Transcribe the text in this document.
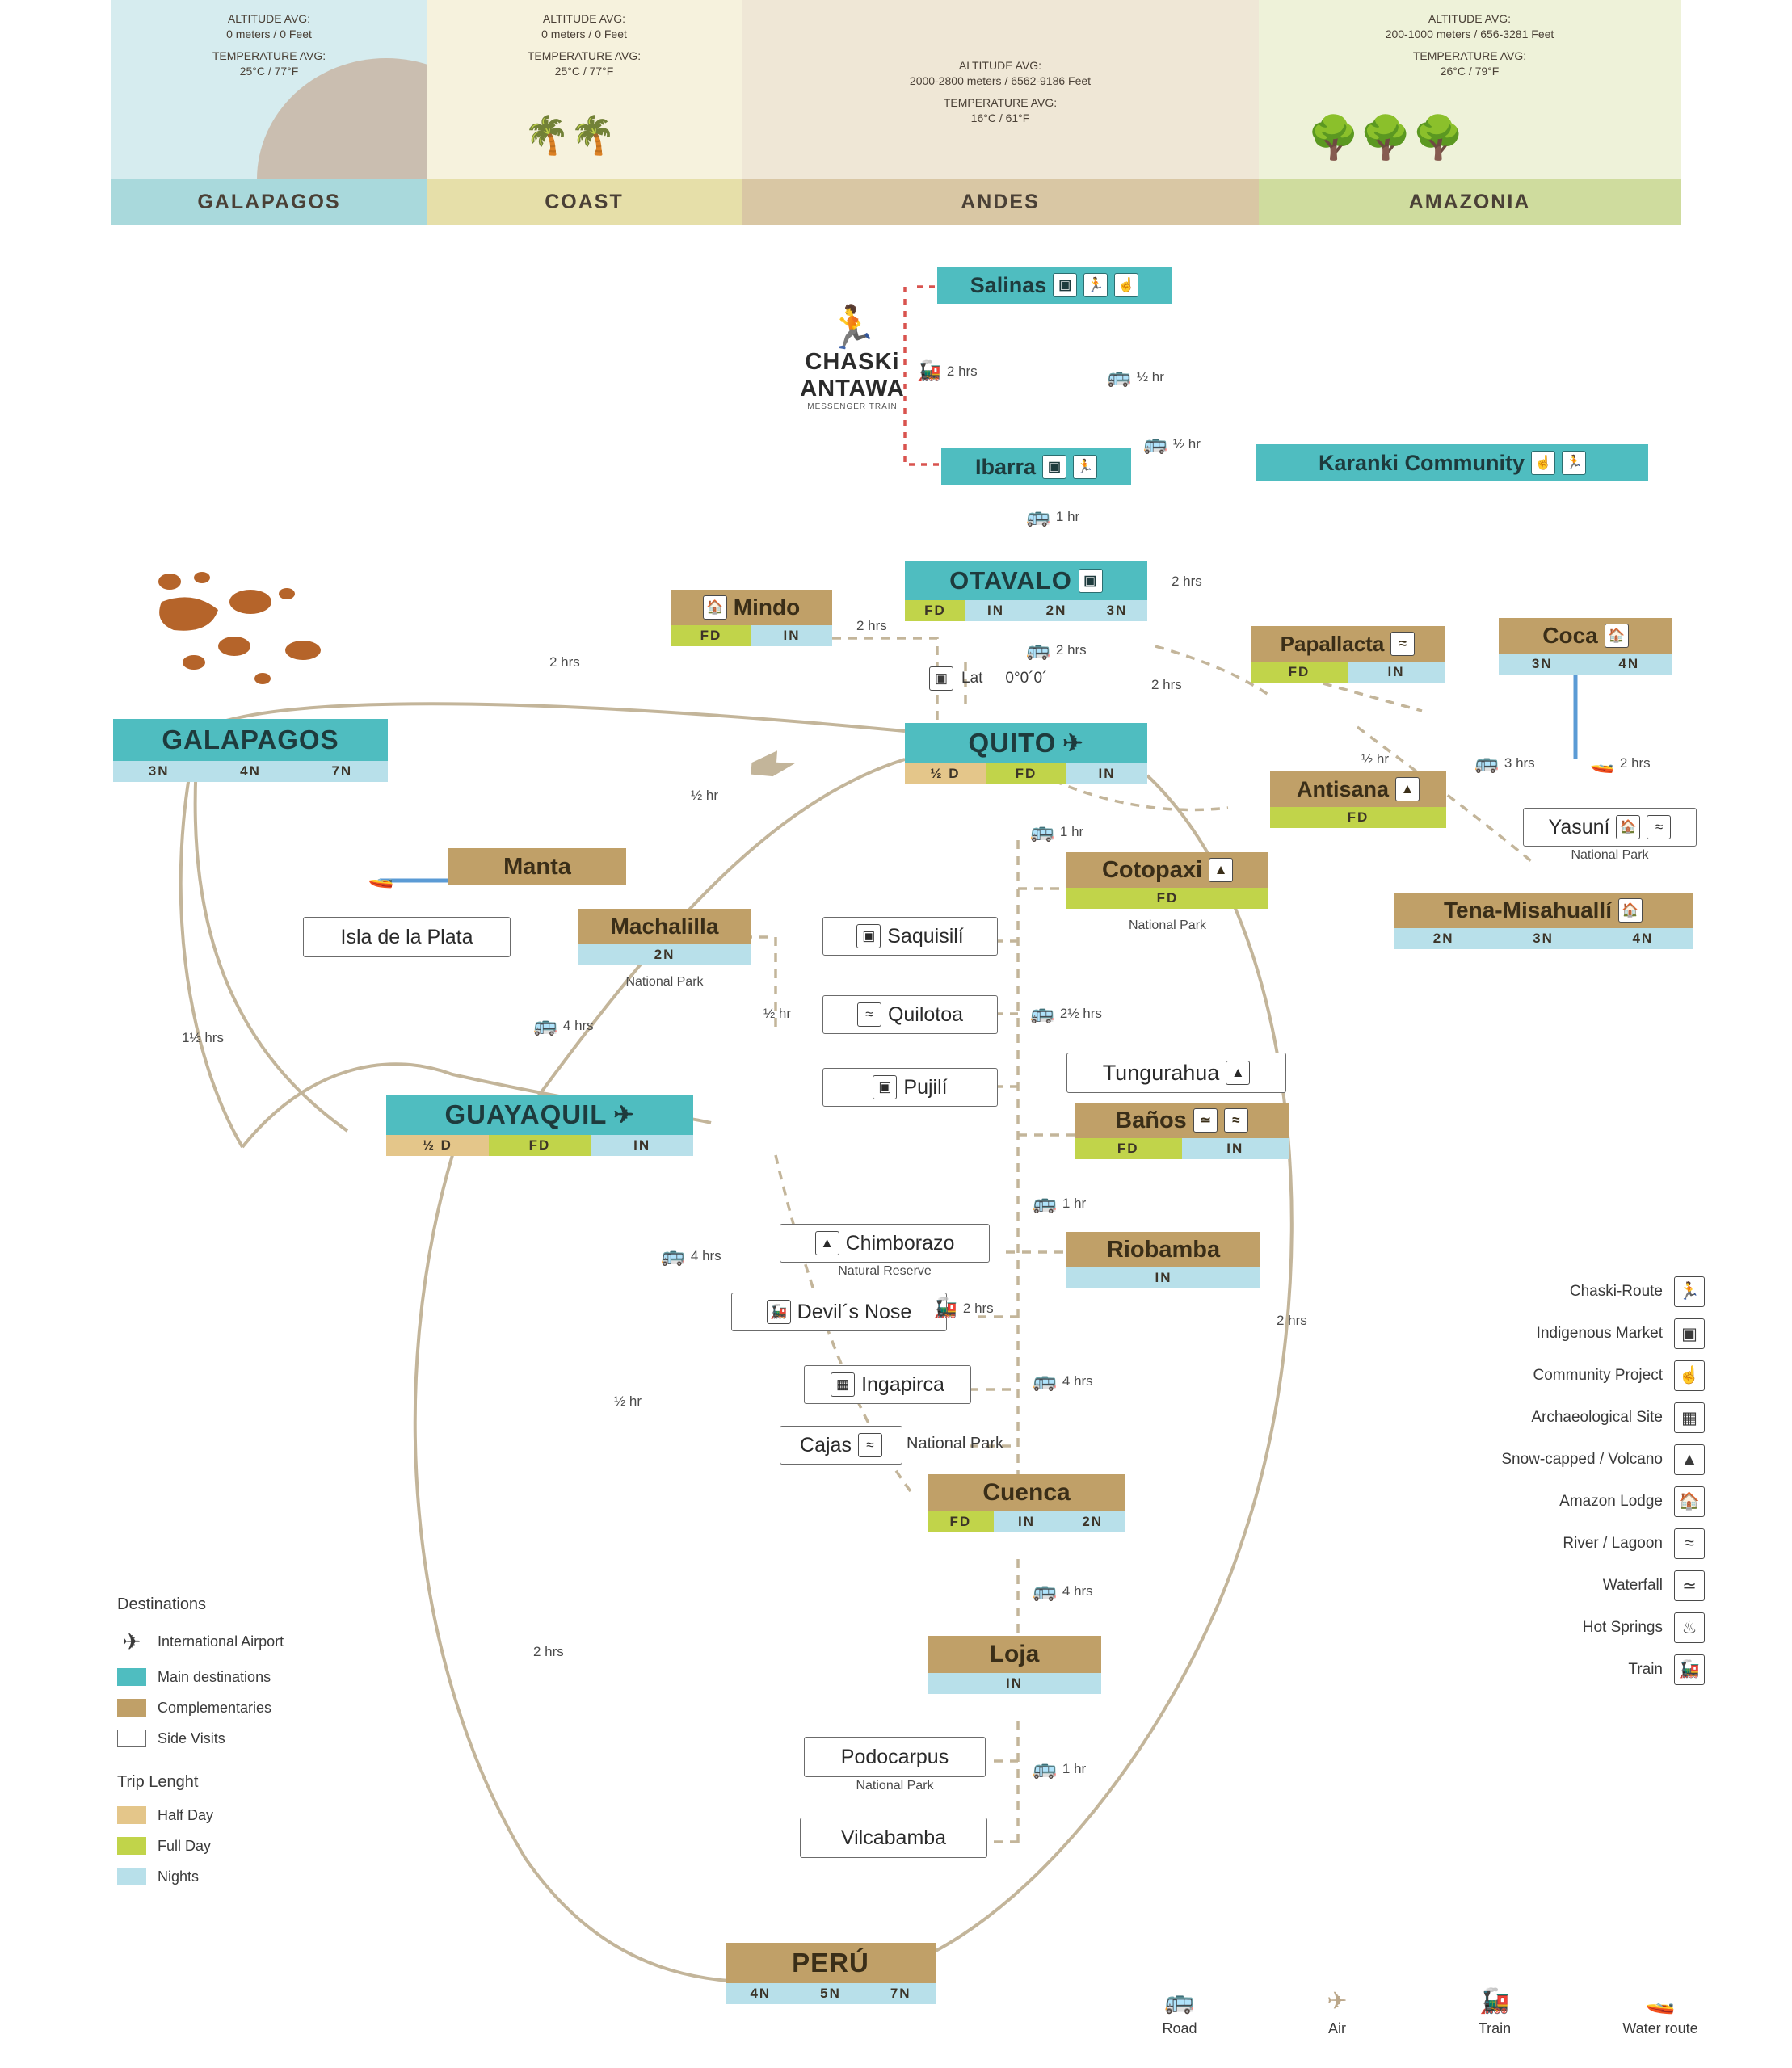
ALTITUDE AVG:
0 meters / 0 Feet
TEMPERATURE AVG:
25°C / 77°F
GALAPAGOS
ALTITUDE AVG:
0 meters / 0 Feet
TEMPERATURE AVG:
25°C / 77°F
🌴🌴
COAST	ANDES
ALTITUDE AVG:
2000-2800 meters / 6562-9186 Feet
TEMPERATURE AVG:
16°C / 61°F
ALTITUDE AVG:
200-1000 meters / 656-3281 Feet
TEMPERATURE AVG:
26°C / 79°F
🌳🌳🌳
AMAZONIA
🏃
CHASKi
ANTAWA
MESSENGER TRAIN
Salinas ▣	🏃 ☝
Ibarra ▣	🏃	Karanki Community ☝ 🏃
OTAVALO ▣
FD	IN	2N	3N
🏠 Mindo
FD	IN	Papallacta	≈
FD	IN
Coca 🏠
3N	4N
QUITO ✈
½ D	FD	IN
▣ Lat 0°0´0´
Antisana ▲
FD	Yasuní 🏠	≈
National Park
GALAPAGOS
3N	4N	7N
Manta
🚤
Isla de la Plata	Machalilla
2N
National Park
Cotopaxi ▲
FD
National Park
Tena-Misahuallí 🏠
2N	3N	4N
▣ Saquisilí
≈ Quilotoa
▣ Pujilí
Tungurahua ▲
Baños ≃	≈
FD	IN
GUAYAQUIL ✈
½ D	FD	IN
▲ Chimborazo
Natural Reserve
Riobamba
IN
🚂 Devil´s Nose
▦ Ingapirca
Cajas	≈	National Park
Cuenca
FD	IN	2N
Loja
IN
Podocarpus
National Park
Vilcabamba
PERÚ
4N	5N	7N
🚂 2 hrs	🚌 ½ hr
🚌 ½ hr
🚌 1 hr
2 hrs
2 hrs
2 hrs
🚌 2 hrs
2 hrs
½ hr	🚌 3 hrs	🚤 2 hrs
1½ hrs
½ hr
🚌 1 hr
½ hr
🚌 4 hrs
🚌 2½ hrs
🚌 1 hr
🚌 4 hrs
🚂 2 hrs
🚌 4 hrs
½ hr
🚌 4 hrs
🚌 1 hr
2 hrs
2 hrs
Destinations
✈	International Airport
Main destinations
Complementaries
Side Visits
Trip Lenght
Half Day
Full Day
Nights
Chaski-Route 🏃
Indigenous Market	▣
Community Project ☝
Archaeological Site	▦
Snow-capped / Volcano	▲
Amazon Lodge 🏠
River / Lagoon	≈
Waterfall	≃
Hot Springs	♨
Train 🚂
🚌
Road
✈
Air
🚂
Train
🚤
Water route
